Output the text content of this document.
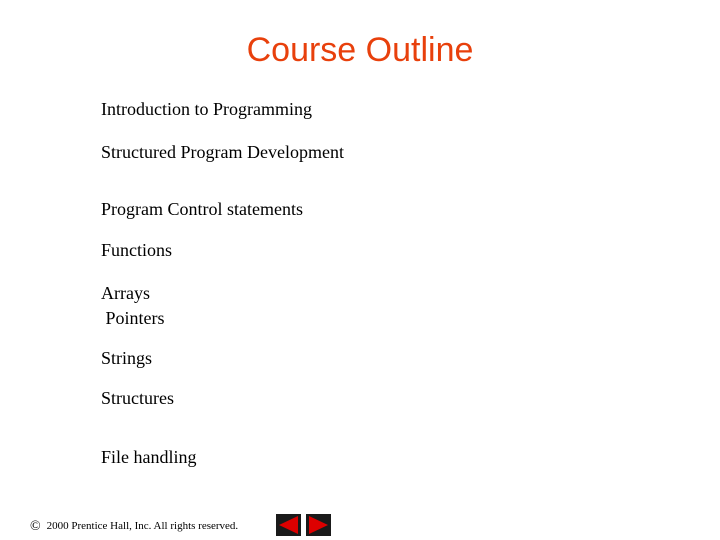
Course Outline
Introduction to Programming
Structured Program Development
Program Control statements
Functions
Arrays
Pointers
Strings
Structures
File handling
© 2000 Prentice Hall, Inc. All rights reserved.
